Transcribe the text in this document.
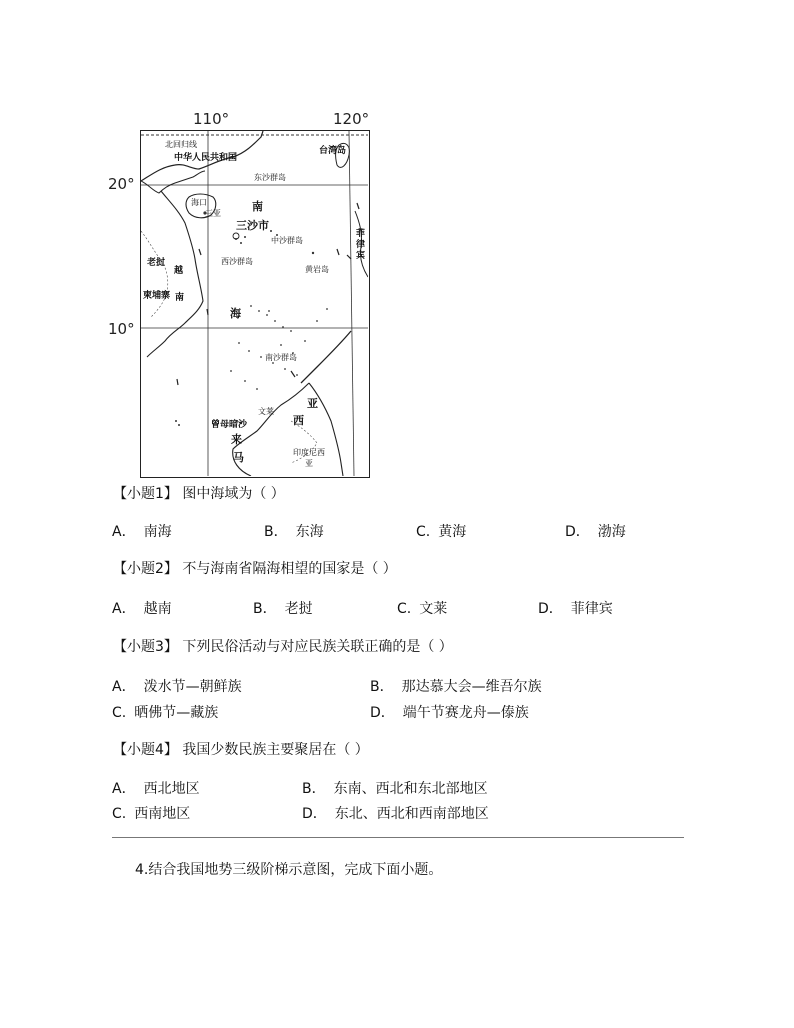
110°	120°
20°
10°
北回归线
中华人民共和国
台湾岛
东沙群岛
海口
三亚
南
三沙市
中沙群岛
菲律宾
老挝
越
西沙群岛
黄岩岛
柬埔寨 南
海
南沙群岛
文莱
亚
西
曾母暗沙
来
马	印度尼西亚
【小题1】 图中海域为（ ）
A． 南海	B． 东海	C. 黄海	D． 渤海
【小题2】 不与海南省隔海相望的国家是（ ）
A． 越南	B． 老挝	C. 文莱	D． 菲律宾
【小题3】 下列民俗活动与对应民族关联正确的是（ ）
A． 泼水节—朝鲜族	B． 那达慕大会—维吾尔族
C. 晒佛节—藏族	D． 端午节赛龙舟—傣族
【小题4】 我国少数民族主要聚居在（ ）
A． 西北地区	B． 东南、西北和东北部地区
C. 西南地区	D． 东北、西北和西南部地区
4.结合我国地势三级阶梯示意图，完成下面小题。
